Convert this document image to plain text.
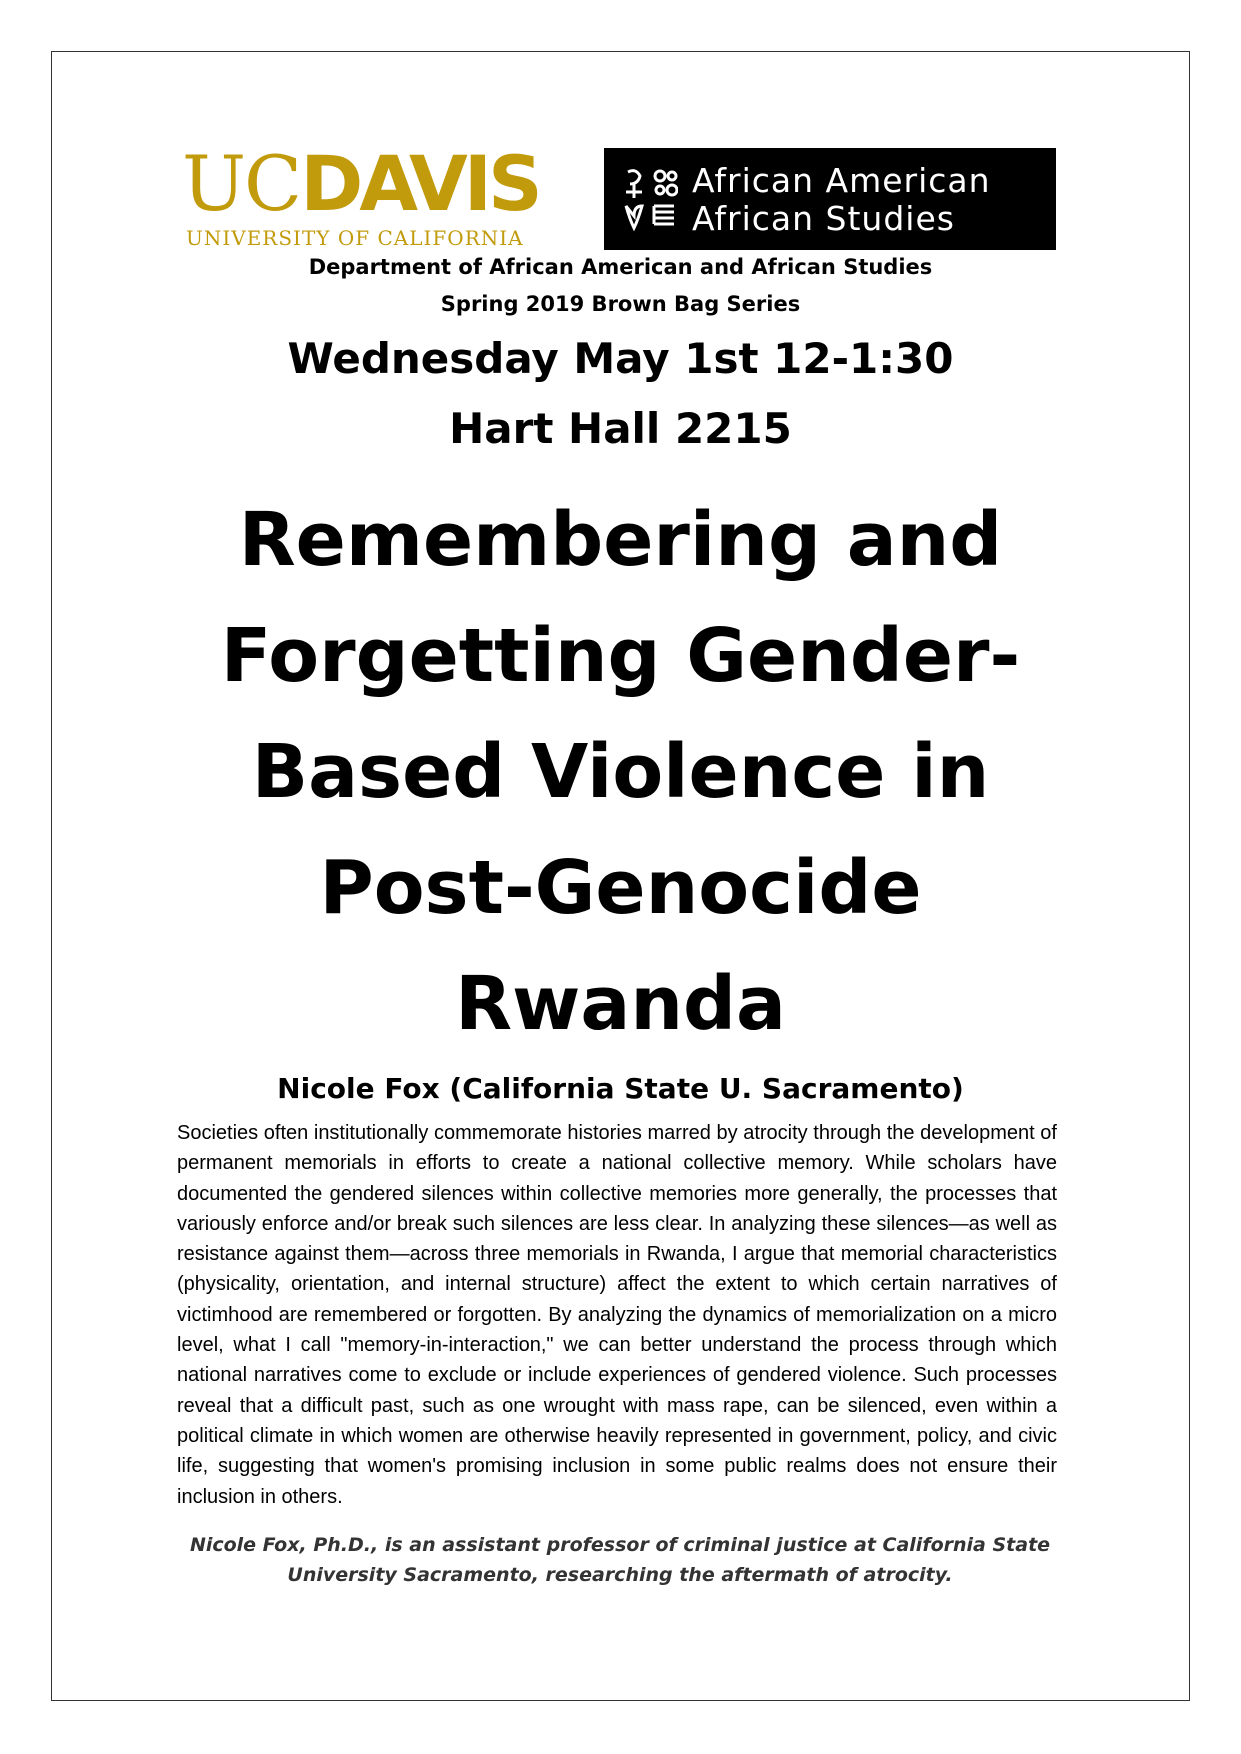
UCDAVIS
UNIVERSITY OF CALIFORNIA
African American
African Studies
Department of African American and African Studies
Spring 2019 Brown Bag Series
Wednesday May 1st 12-1:30
Hart Hall 2215
Remembering and
Forgetting Gender-
Based Violence in
Post-Genocide
Rwanda
Nicole Fox (California State U. Sacramento)
Societies often institutionally commemorate histories marred by atrocity through the development of permanent memorials in efforts to create a national collective memory. While scholars have documented the gendered silences within collective memories more generally, the processes that variously enforce and/or break such silences are less clear. In analyzing these silences—as well as resistance against them—across three memorials in Rwanda, I argue that memorial characteristics (physicality, orientation, and internal structure) affect the extent to which certain narratives of victimhood are remembered or forgotten. By analyzing the dynamics of memorialization on a micro level, what I call "memory-in-interaction," we can better understand the process through which national narratives come to exclude or include experiences of gendered violence. Such processes reveal that a difficult past, such as one wrought with mass rape, can be silenced, even within a political climate in which women are otherwise heavily represented in government, policy, and civic life, suggesting that women's promising inclusion in some public realms does not ensure their inclusion in others.
Nicole Fox, Ph.D., is an assistant professor of criminal justice at California State University Sacramento, researching the aftermath of atrocity.
